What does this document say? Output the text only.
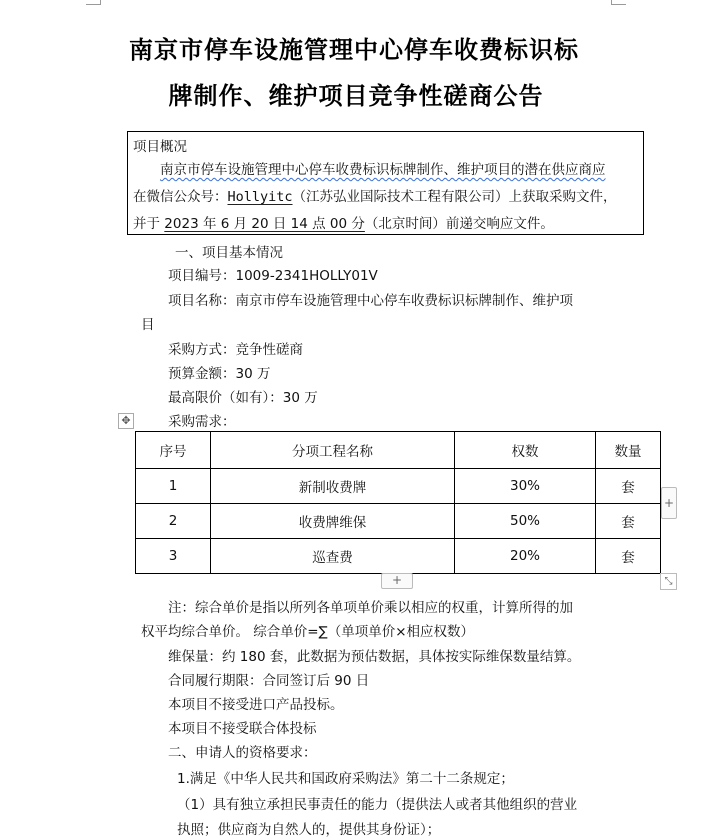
南京市停车设施管理中心停车收费标识标
牌制作、维护项目竞争性磋商公告
项目概况
南京市停车设施管理中心停车收费标识标牌制作、维护项目的潜在供应商应
在微信公众号：Hollyitc（江苏弘业国际技术工程有限公司）上获取采购文件，
并于 2023 年 6 月 20 日 14 点 00 分（北京时间）前递交响应文件。
一、项目基本情况
项目编号：1009-2341HOLLY01V
项目名称：南京市停车设施管理中心停车收费标识标牌制作、维护项
目
采购方式：竞争性磋商
预算金额：30 万
最高限价（如有）：30 万
采购需求：
✥
序号	分项工程名称	权数	数量
1	新制收费牌	30%	套
2	收费牌维保	50%	套
3	巡查费	20%	套
+
+	⤡
注：综合单价是指以所列各单项单价乘以相应的权重，计算所得的加
权平均综合单价。 综合单价=∑（单项单价×相应权数）
维保量：约 180 套，此数据为预估数据，具体按实际维保数量结算。
合同履行期限：合同签订后 90 日
本项目不接受进口产品投标。
本项目不接受联合体投标
二、申请人的资格要求：
1.满足《中华人民共和国政府采购法》第二十二条规定；
（1）具有独立承担民事责任的能力（提供法人或者其他组织的营业
执照；供应商为自然人的，提供其身份证）；
